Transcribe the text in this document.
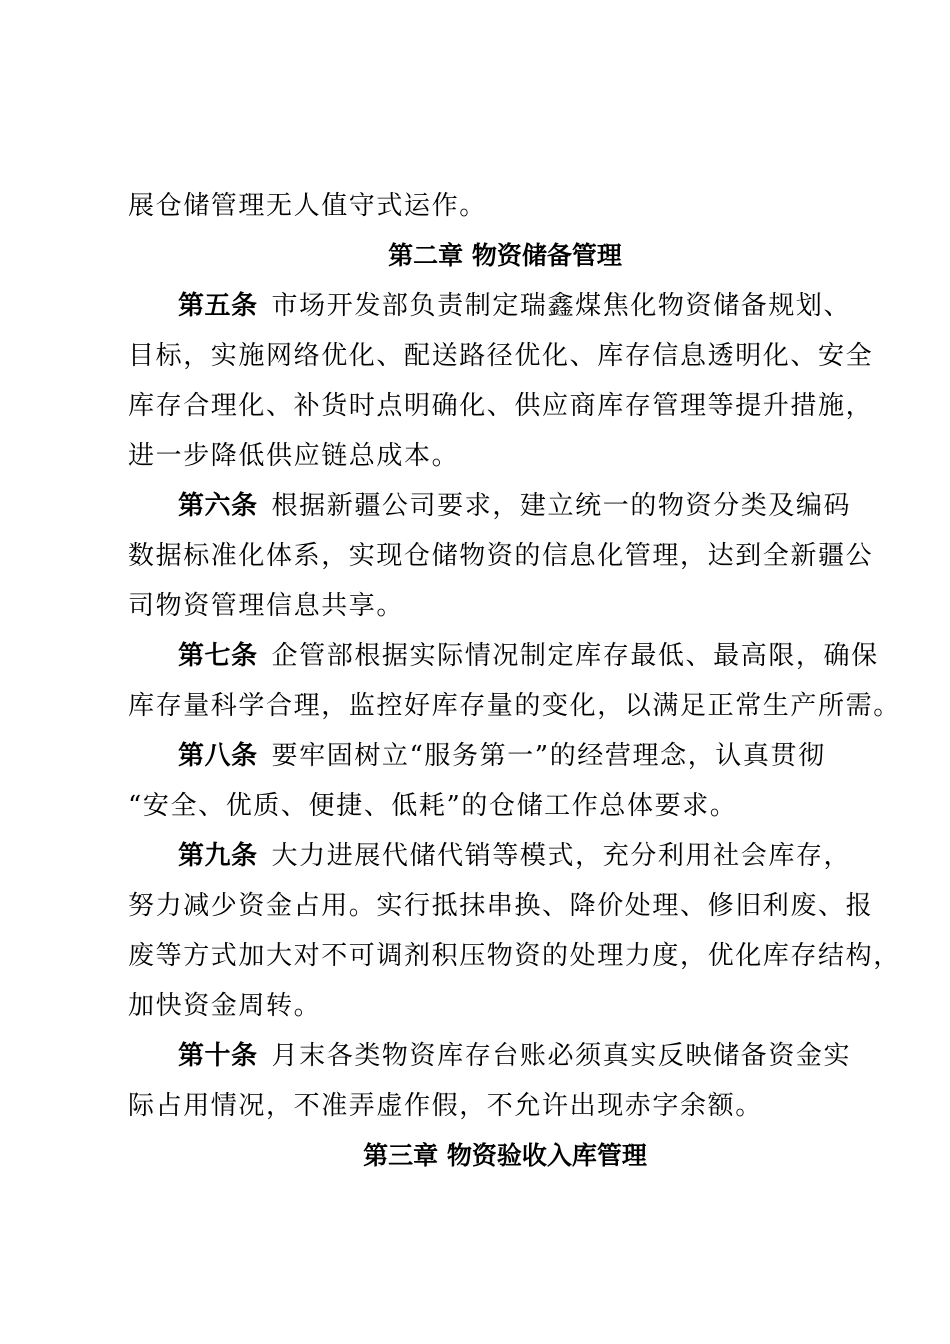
展仓储管理无人值守式运作。
第二章 物资储备管理
第五条 市场开发部负责制定瑞鑫煤焦化物资储备规划、
目标，实施网络优化、配送路径优化、库存信息透明化、安全
库存合理化、补货时点明确化、供应商库存管理等提升措施，
进一步降低供应链总成本。
第六条 根据新疆公司要求，建立统一的物资分类及编码
数据标准化体系，实现仓储物资的信息化管理，达到全新疆公
司物资管理信息共享。
第七条 企管部根据实际情况制定库存最低、最高限，确保
库存量科学合理，监控好库存量的变化，以满足正常生产所需。
第八条 要牢固树立“服务第一”的经营理念，认真贯彻
“安全、优质、便捷、低耗”的仓储工作总体要求。
第九条 大力进展代储代销等模式，充分利用社会库存，
努力减少资金占用。实行抵抹串换、降价处理、修旧利废、报
废等方式加大对不可调剂积压物资的处理力度，优化库存结构，
加快资金周转。
第十条 月末各类物资库存台账必须真实反映储备资金实
际占用情况，不准弄虚作假，不允许出现赤字余额。
第三章 物资验收入库管理
